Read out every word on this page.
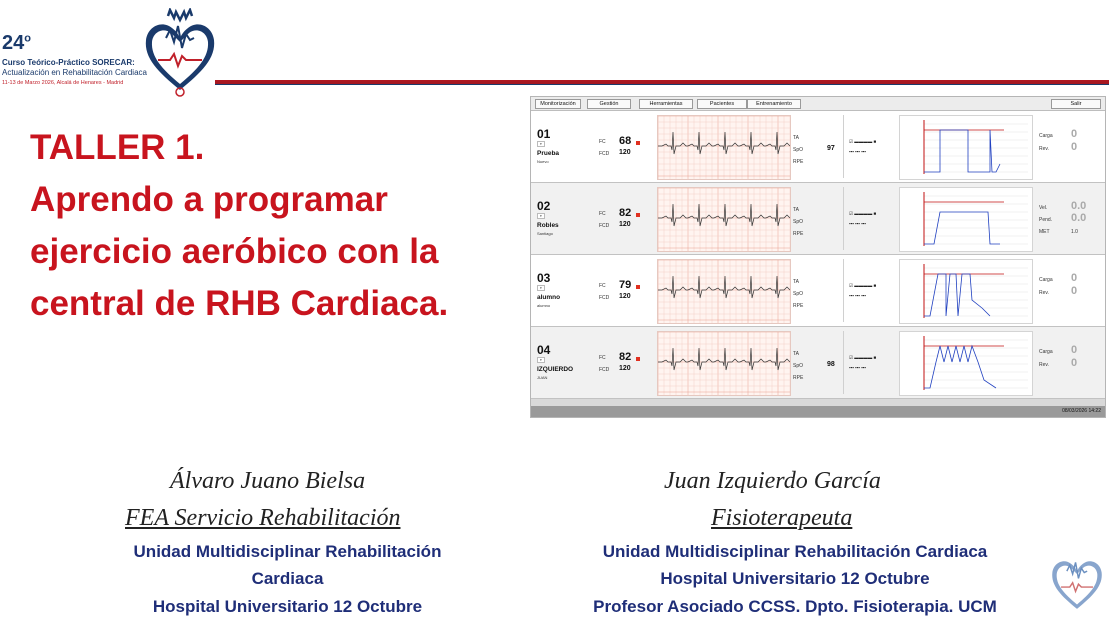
24$^o$
Curso Teórico-Práctico SORECAR:
Actualización en Rehabilitación Cardiaca
11-13 de Marzo 2026, Alcalá de Henares - Madrid
TALLER 1.
Aprendo a programar
ejercicio aeróbico con la
central de RHB Cardiaca.
Monitorización	Gestión	Herramientas	Pacientes	Entrenamiento	Salir
01
▾
Prueba
Nuevo
FC
FCD
68
120
TA
SpO
RPE
97
☑ ▬▬▬▬ ■
▪▪▪ ▪▪▪ ▪▪▪
Carga 0
Rev. 0
02
▾
Robles
Santiago
FC
FCD
82
120
TA
SpO
RPE
☑ ▬▬▬▬ ■
▪▪▪ ▪▪▪ ▪▪▪
Vel. 0.0
Pend. 0.0
MET	1.0
03
▾
alumno
alumno
FC
FCD
79
120
TA
SpO
RPE
☑ ▬▬▬▬ ■
▪▪▪ ▪▪▪ ▪▪▪
Carga 0
Rev. 0
04
▾
IZQUIERDO
JUAN
FC
FCD
82
120
TA
SpO
RPE
98
☑ ▬▬▬▬ ■
▪▪▪ ▪▪▪ ▪▪▪
Carga 0
Rev. 0
08/03/2026 14:22
Álvaro Juano Bielsa
FEA Servicio Rehabilitación
Unidad Multidisciplinar Rehabilitación
Cardiaca
Hospital Universitario 12 Octubre
Juan Izquierdo García
Fisioterapeuta
Unidad Multidisciplinar Rehabilitación Cardiaca
Hospital Universitario 12 Octubre
Profesor Asociado CCSS. Dpto. Fisioterapia. UCM
